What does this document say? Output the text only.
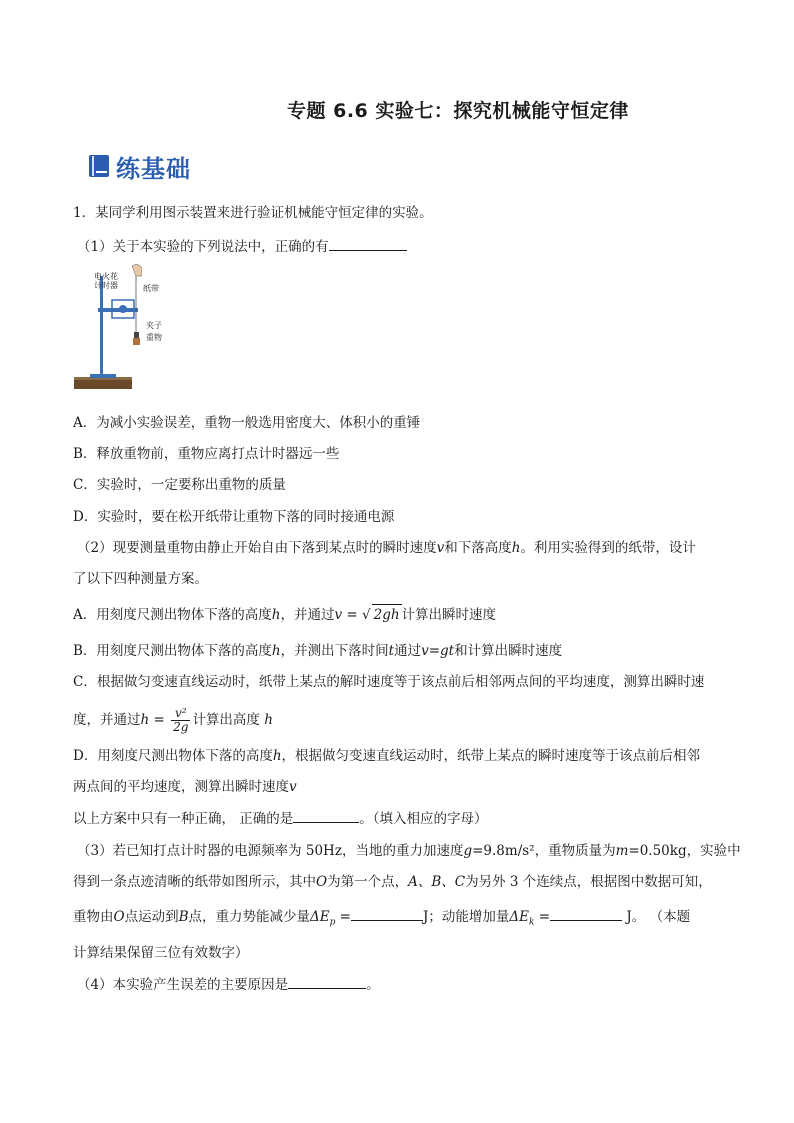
专题 6.6 实验七：探究机械能守恒定律
练基础
1．某同学利用图示装置来进行验证机械能守恒定律的实验。
（1）关于本实验的下列说法中，正确的有
电火花
计时器	纸带
夹子
重物
A．为减小实验误差，重物一般选用密度大、体积小的重锤
B．释放重物前，重物应离打点计时器远一些
C．实验时，一定要称出重物的质量
D．实验时，要在松开纸带让重物下落的同时接通电源
（2）现要测量重物由静止开始自由下落到某点时的瞬时速度v和下落高度h。利用实验得到的纸带，设计
了以下四种测量方案。
A．用刻度尺测出物体下落的高度h，并通过v = √ 2gh 计算出瞬时速度
B．用刻度尺测出物体下落的高度h，并测出下落时间t通过v=gt和计算出瞬时速度
C．根据做匀变速直线运动时，纸带上某点的解时速度等于该点前后相邻两点间的平均速度，测算出瞬时速
度，并通过$h = \frac{\text{v²}}{2g}$ 计算出高度 h
D．用刻度尺测出物体下落的高度h，根据做匀变速直线运动时，纸带上某点的瞬时速度等于该点前后相邻
两点间的平均速度，测算出瞬时速度v
以上方案中只有一种正确， 正确的是	。（填入相应的字母）
（3）若已知打点计时器的电源频率为 50Hz，当地的重力加速度g=9.8m/s²，重物质量为m=0.50kg，实验中
得到一条点迹清晰的纸带如图所示，其中O为第一个点，A、B、C为另外 3 个连续点，根据图中数据可知，
重物由O点运动到B点，重力势能减少量$\Delta E_p$ =	J；动能增加量$\Delta E_k$ =	J。 （本题
计算结果保留三位有效数字）
（4）本实验产生误差的主要原因是	。
